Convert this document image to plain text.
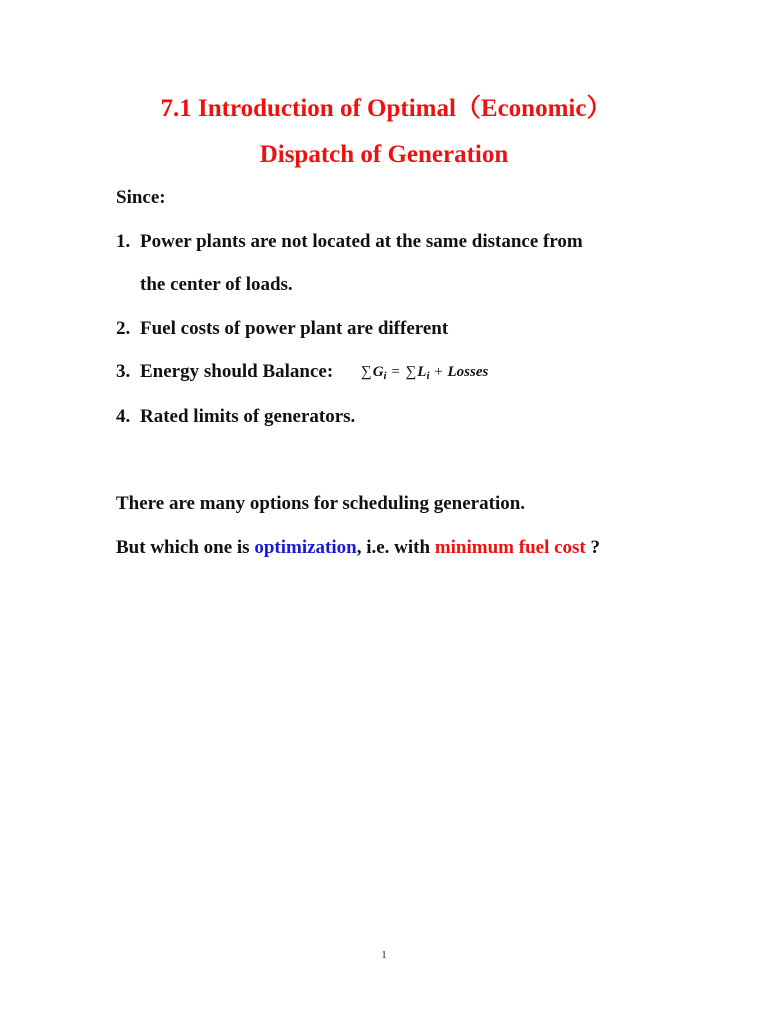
7.1 Introduction of Optimal（Economic）
Dispatch of Generation
Since:
1. Power plants are not located at the same distance from
the center of loads.
2. Fuel costs of power plant are different
3. Energy should Balance: $\sum G_i = \sum L_i$ + Losses
4. Rated limits of generators.
There are many options for scheduling generation.
But which one is optimization, i.e. with minimum fuel cost ?
1
